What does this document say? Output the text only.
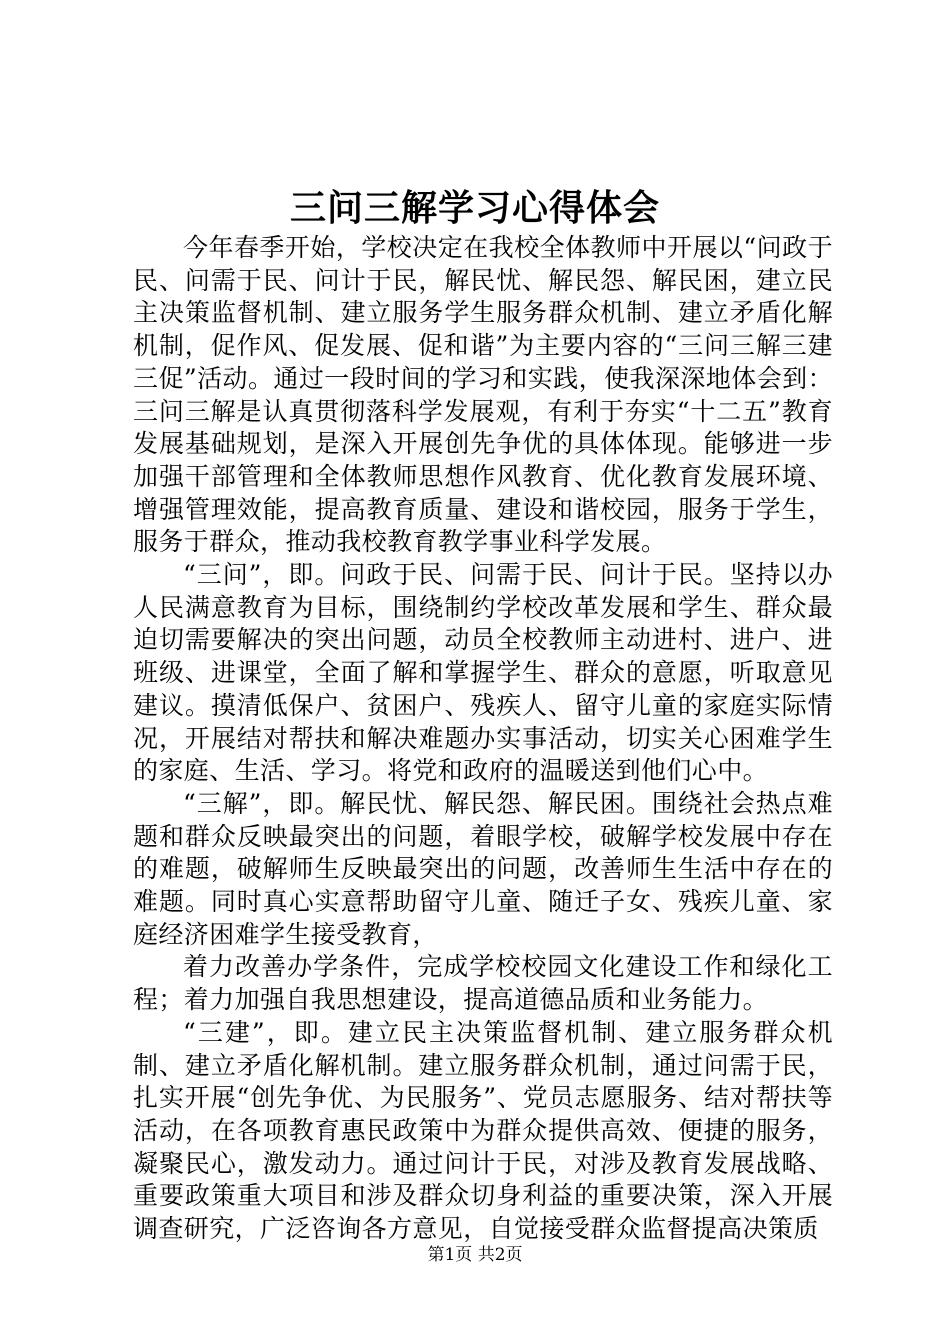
三问三解学习心得体会

今年春季开始，学校决定在我校全体教师中开展以“问政于民、问需于民、问计于民，解民忧、解民怨、解民困，建立民主决策监督机制、建立服务学生服务群众机制、建立矛盾化解机制，促作风、促发展、促和谐”为主要内容的“三问三解三建三促”活动。通过一段时间的学习和实践，使我深深地体会到：三问三解是认真贯彻落科学发展观，有利于夯实“十二五”教育发展基础规划，是深入开展创先争优的具体体现。能够进一步加强干部管理和全体教师思想作风教育、优化教育发展环境、增强管理效能，提高教育质量、建设和谐校园，服务于学生，服务于群众，推动我校教育教学事业科学发展。

“三问”，即。问政于民、问需于民、问计于民。坚持以办人民满意教育为目标，围绕制约学校改革发展和学生、群众最迫切需要解决的突出问题，动员全校教师主动进村、进户、进班级、进课堂，全面了解和掌握学生、群众的意愿，听取意见建议。摸清低保户、贫困户、残疾人、留守儿童的家庭实际情况，开展结对帮扶和解决难题办实事活动，切实关心困难学生的家庭、生活、学习。将党和政府的温暖送到他们心中。

“三解”，即。解民忧、解民怨、解民困。围绕社会热点难题和群众反映最突出的问题，着眼学校，破解学校发展中存在的难题，破解师生反映最突出的问题，改善师生生活中存在的难题。同时真心实意帮助留守儿童、随迁子女、残疾儿童、家庭经济困难学生接受教育，

着力改善办学条件，完成学校校园文化建设工作和绿化工程；着力加强自我思想建设，提高道德品质和业务能力。

“三建”，即。建立民主决策监督机制、建立服务群众机制、建立矛盾化解机制。建立服务群众机制，通过问需于民，扎实开展“创先争优、为民服务”、党员志愿服务、结对帮扶等活动，在各项教育惠民政策中为群众提供高效、便捷的服务，凝聚民心，激发动力。通过问计于民，对涉及教育发展战略、重要政策重大项目和涉及群众切身利益的重要决策，深入开展调查研究，广泛咨询各方意见，自觉接受群众监督提高决策质

第1页 共2页
